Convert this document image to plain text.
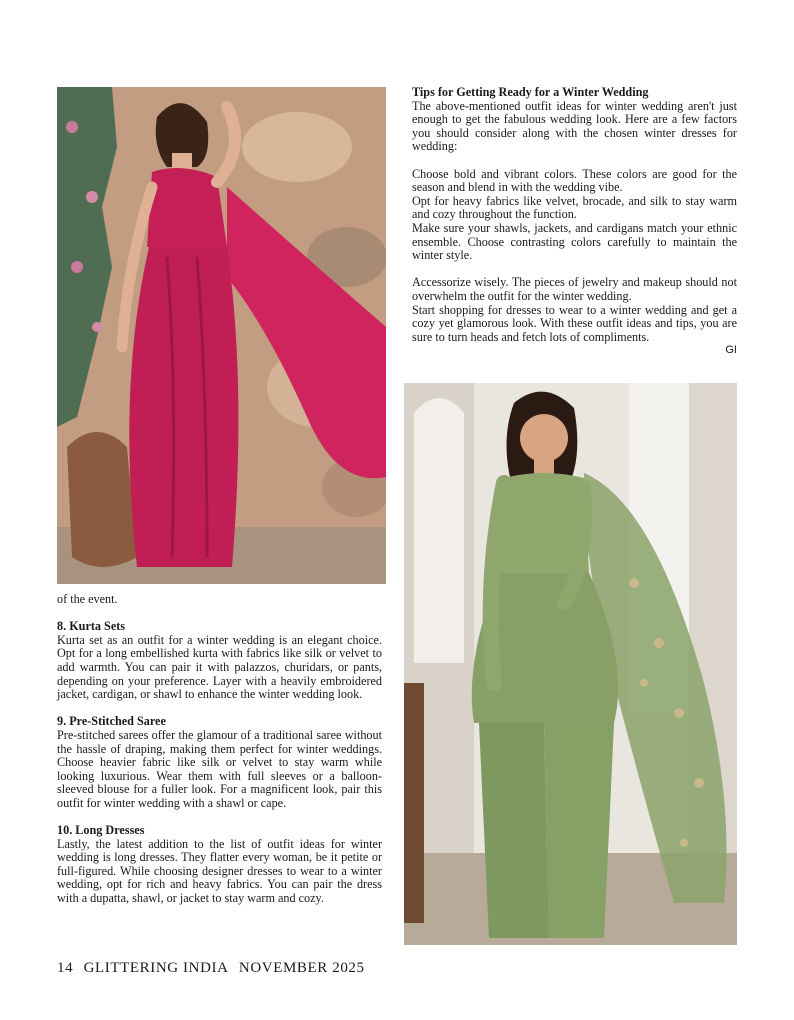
of the event.

8. Kurta Sets

Kurta set as an outfit for a winter wedding is an elegant choice. Opt for a long embellished kurta with fabrics like silk or velvet to add warmth. You can pair it with palazzos, churidars, or pants, depending on your preference. Layer with a heavily embroidered jacket, cardigan, or shawl to enhance the winter wedding look.

9. Pre-Stitched Saree

Pre-stitched sarees offer the glamour of a traditional saree without the hassle of draping, making them perfect for winter weddings. Choose heavier fabric like silk or velvet to stay warm while looking luxurious. Wear them with full sleeves or a balloon-sleeved blouse for a fuller look. For a magnificent look, pair this outfit for winter wedding with a shawl or cape.

10. Long Dresses

Lastly, the latest addition to the list of outfit ideas for winter wedding is long dresses. They flatter every woman, be it petite or full-figured. While choosing designer dresses to wear to a winter wedding, opt for rich and heavy fabrics. You can pair the dress with a dupatta, shawl, or jacket to stay warm and cozy.

Tips for Getting Ready for a Winter Wedding

The above-mentioned outfit ideas for winter wedding aren't just enough to get the fabulous wedding look. Here are a few factors you should consider along with the chosen winter dresses for wedding:

Choose bold and vibrant colors. These colors are good for the season and blend in with the wedding vibe.

Opt for heavy fabrics like velvet, brocade, and silk to stay warm and cozy throughout the function.

Make sure your shawls, jackets, and cardigans match your ethnic ensemble. Choose contrasting colors carefully to maintain the winter style.

Accessorize wisely. The pieces of jewelry and makeup should not overwhelm the outfit for the winter wedding.

Start shopping for dresses to wear to a winter wedding and get a cozy yet glamorous look. With these outfit ideas and tips, you are sure to turn heads and fetch lots of compliments.

GI

14 GLITTERING INDIA NOVEMBER 2025
